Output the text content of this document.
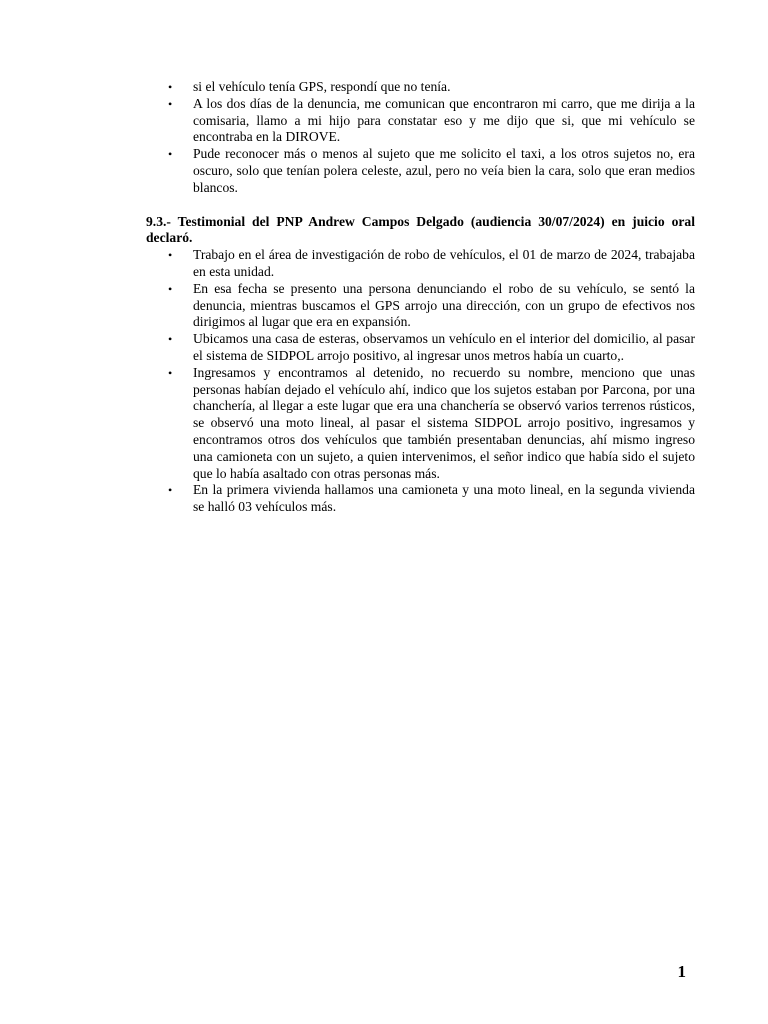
• si el vehículo tenía GPS, respondí que no tenía.
• A los dos días de la denuncia, me comunican que encontraron mi carro, que me dirija a la comisaria, llamo a mi hijo para constatar eso y me dijo que si, que mi vehículo se encontraba en la DIROVE.
• Pude reconocer más o menos al sujeto que me solicito el taxi, a los otros sujetos no, era oscuro, solo que tenían polera celeste, azul, pero no veía bien la cara, solo que eran medios blancos.
9.3.- Testimonial del PNP Andrew Campos Delgado (audiencia 30/07/2024) en juicio oral declaró.
• Trabajo en el área de investigación de robo de vehículos, el 01 de marzo de 2024, trabajaba en esta unidad.
• En esa fecha se presento una persona denunciando el robo de su vehículo, se sentó la denuncia, mientras buscamos el GPS arrojo una dirección, con un grupo de efectivos nos dirigimos al lugar que era en expansión.
• Ubicamos una casa de esteras, observamos un vehículo en el interior del domicilio, al pasar el sistema de SIDPOL arrojo positivo, al ingresar unos metros había un cuarto,.
• Ingresamos y encontramos al detenido, no recuerdo su nombre, menciono que unas personas habían dejado el vehículo ahí, indico que los sujetos estaban por Parcona, por una chanchería, al llegar a este lugar que era una chanchería se observó varios terrenos rústicos, se observó una moto lineal, al pasar el sistema SIDPOL arrojo positivo, ingresamos y encontramos otros dos vehículos que también presentaban denuncias, ahí mismo ingreso una camioneta con un sujeto, a quien intervenimos, el señor indico que había sido el sujeto que lo había asaltado con otras personas más.
• En la primera vivienda hallamos una camioneta y una moto lineal, en la segunda vivienda se halló 03 vehículos más.
1
